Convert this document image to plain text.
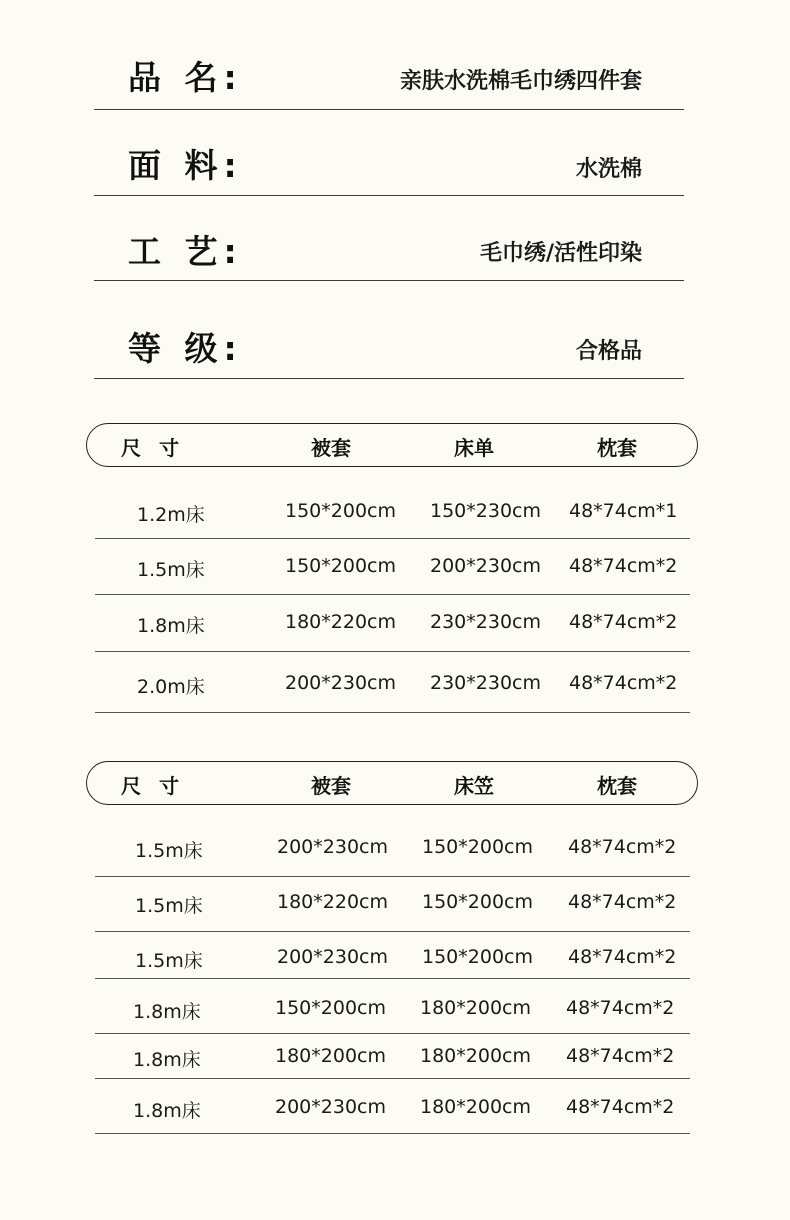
品 名:	亲肤水洗棉毛巾绣四件套
面 料:	水洗棉
工 艺:	毛巾绣/活性印染
等 级:	合格品
尺寸	被套	床单	枕套
1.2m床	150*200cm 150*230cm 48*74cm*1
1.5m床	150*200cm 200*230cm 48*74cm*2
1.8m床	180*220cm 230*230cm 48*74cm*2
2.0m床	200*230cm 230*230cm 48*74cm*2
尺寸	被套	床笠	枕套
1.5m床	200*230cm 150*200cm 48*74cm*2
1.5m床	180*220cm 150*200cm 48*74cm*2
1.5m床	200*230cm 150*200cm 48*74cm*2
1.8m床	150*200cm 180*200cm 48*74cm*2
1.8m床	180*200cm 180*200cm 48*74cm*2
1.8m床	200*230cm 180*200cm 48*74cm*2
